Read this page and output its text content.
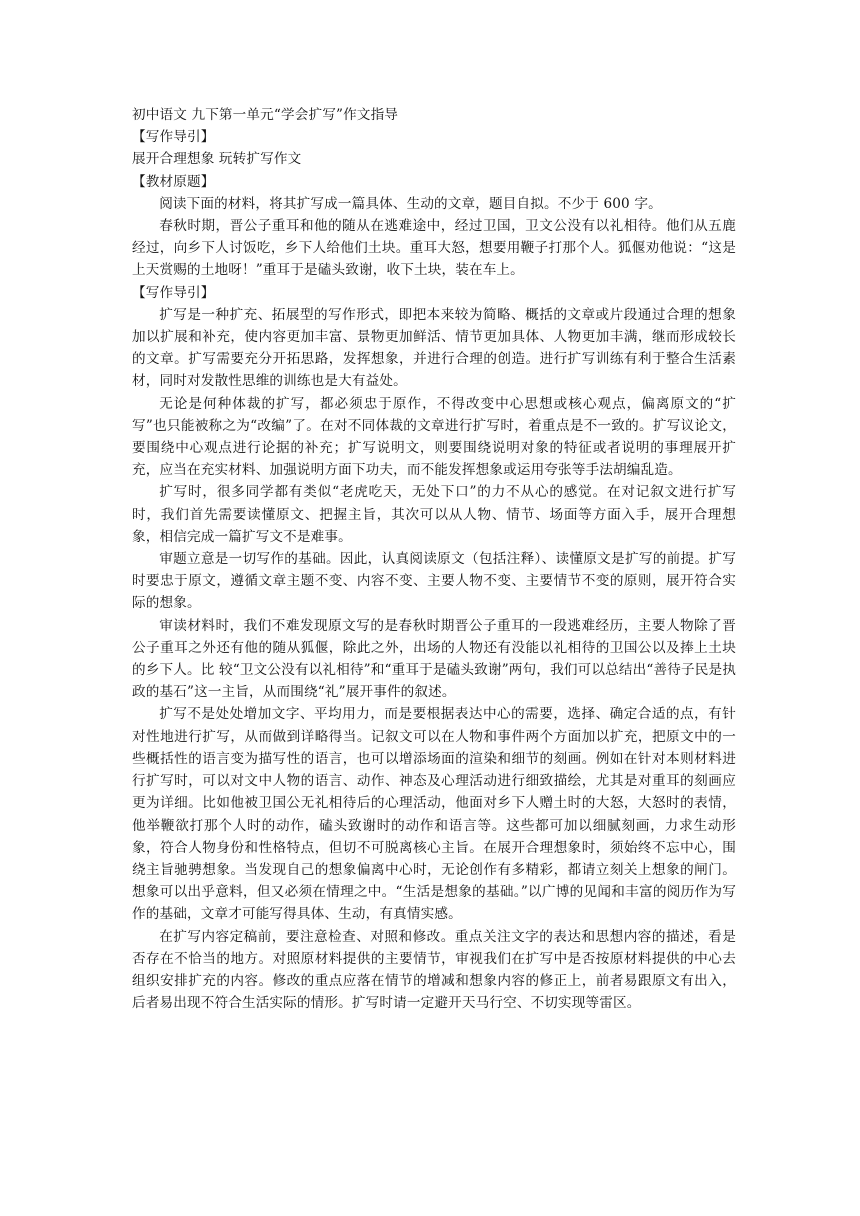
初中语文 九下第一单元“学会扩写”作文指导

【写作导引】

展开合理想象 玩转扩写作文

【教材原题】

阅读下面的材料，将其扩写成一篇具体、生动的文章，题目自拟。不少于 600 字。

春秋时期，晋公子重耳和他的随从在逃难途中，经过卫国，卫文公没有以礼相待。他们从五鹿经过，向乡下人讨饭吃，乡下人给他们土块。重耳大怒，想要用鞭子打那个人。狐偃劝他说：“这是上天赏赐的土地呀！”重耳于是磕头致谢，收下土块，装在车上。

【写作导引】

扩写是一种扩充、拓展型的写作形式，即把本来较为简略、概括的文章或片段通过合理的想象加以扩展和补充，使内容更加丰富、景物更加鲜活、情节更加具体、人物更加丰满，继而形成较长的文章。扩写需要充分开拓思路，发挥想象，并进行合理的创造。进行扩写训练有利于整合生活素材，同时对发散性思维的训练也是大有益处。

无论是何种体裁的扩写，都必须忠于原作，不得改变中心思想或核心观点，偏离原文的“扩写”也只能被称之为“改编”了。在对不同体裁的文章进行扩写时，着重点是不一致的。扩写议论文，要围绕中心观点进行论据的补充；扩写说明文，则要围绕说明对象的特征或者说明的事理展开扩充，应当在充实材料、加强说明方面下功夫，而不能发挥想象或运用夸张等手法胡编乱造。

扩写时，很多同学都有类似“老虎吃天，无处下口”的力不从心的感觉。在对记叙文进行扩写时，我们首先需要读懂原文、把握主旨，其次可以从人物、情节、场面等方面入手，展开合理想象，相信完成一篇扩写文不是难事。

审题立意是一切写作的基础。因此，认真阅读原文（包括注释）、读懂原文是扩写的前提。扩写时要忠于原文，遵循文章主题不变、内容不变、主要人物不变、主要情节不变的原则，展开符合实际的想象。

审读材料时，我们不难发现原文写的是春秋时期晋公子重耳的一段逃难经历，主要人物除了晋公子重耳之外还有他的随从狐偃，除此之外，出场的人物还有没能以礼相待的卫国公以及捧上土块的乡下人。比 较“卫文公没有以礼相待”和“重耳于是磕头致谢”两句，我们可以总结出“善待子民是执政的基石”这一主旨，从而围绕“礼”展开事件的叙述。

扩写不是处处增加文字、平均用力，而是要根据表达中心的需要，选择、确定合适的点，有针对性地进行扩写，从而做到详略得当。记叙文可以在人物和事件两个方面加以扩充，把原文中的一些概括性的语言变为描写性的语言，也可以增添场面的渲染和细节的刻画。例如在针对本则材料进行扩写时，可以对文中人物的语言、动作、神态及心理活动进行细致描绘，尤其是对重耳的刻画应更为详细。比如他被卫国公无礼相待后的心理活动，他面对乡下人赠土时的大怒，大怒时的表情，他举鞭欲打那个人时的动作，磕头致谢时的动作和语言等。这些都可加以细腻刻画，力求生动形象，符合人物身份和性格特点，但切不可脱离核心主旨。在展开合理想象时，须始终不忘中心，围绕主旨驰骋想象。当发现自己的想象偏离中心时，无论创作有多精彩，都请立刻关上想象的闸门。想象可以出乎意料，但又必须在情理之中。“生活是想象的基础。”以广博的见闻和丰富的阅历作为写作的基础，文章才可能写得具体、生动，有真情实感。

在扩写内容定稿前，要注意检查、对照和修改。重点关注文字的表达和思想内容的描述，看是否存在不恰当的地方。对照原材料提供的主要情节，审视我们在扩写中是否按原材料提供的中心去组织安排扩充的内容。修改的重点应落在情节的增减和想象内容的修正上，前者易跟原文有出入，后者易出现不符合生活实际的情形。扩写时请一定避开天马行空、不切实现等雷区。
